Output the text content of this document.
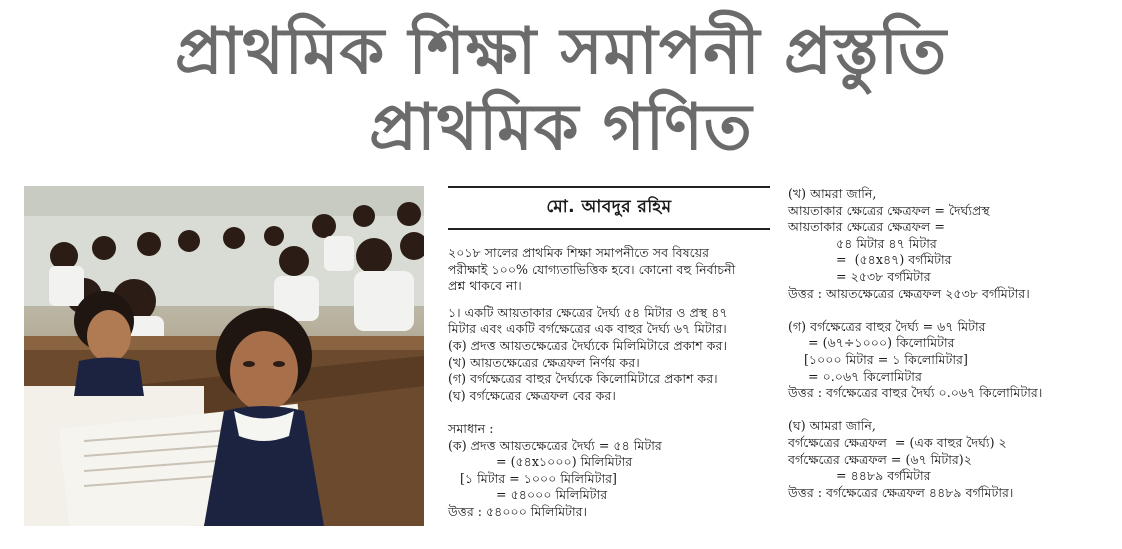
প্রাথমিক শিক্ষা সমাপনী প্রস্তুতি
প্রাথমিক গণিত
মো. আবদুর রহিম
২০১৮ সালের প্রাথমিক শিক্ষা সমাপনীতে সব বিষয়ের
পরীক্ষাই ১০০% যোগ্যতাভিত্তিক হবে। কোনো বহু নির্বাচনী
প্রশ্ন থাকবে না।
১। একটি আয়তাকার ক্ষেত্রের দৈর্ঘ্য ৫৪ মিটার ও প্রস্থ ৪৭
মিটার এবং একটি বর্গক্ষেত্রের এক বাহুর দৈর্ঘ্য ৬৭ মিটার।
(ক) প্রদত্ত আয়তক্ষেত্রের দৈর্ঘ্যকে মিলিমিটারে প্রকাশ কর।
(খ) আয়তক্ষেত্রের ক্ষেত্রফল নির্ণয় কর।
(গ) বর্গক্ষেত্রের বাহুর দৈর্ঘ্যকে কিলোমিটারে প্রকাশ কর।
(ঘ) বর্গক্ষেত্রের ক্ষেত্রফল বের কর।
সমাধান :
(ক) প্রদত্ত আয়তক্ষেত্রের দৈর্ঘ্য = ৫৪ মিটার
= (৫৪x১০০০) মিলিমিটার
[১ মিটার = ১০০০ মিলিমিটার]
= ৫৪০০০ মিলিমিটার
উত্তর : ৫৪০০০ মিলিমিটার।
(খ) আমরা জানি,
আয়তাকার ক্ষেত্রের ক্ষেত্রফল = দৈর্ঘ্যপ্রস্থ
আয়তাকার ক্ষেত্রের ক্ষেত্রফল =
৫৪ মিটার ৪৭ মিটার
=  (৫৪x৪৭) বর্গমিটার
= ২৫৩৮ বর্গমিটার
উত্তর : আয়তক্ষেত্রের ক্ষেত্রফল ২৫৩৮ বর্গমিটার।
(গ) বর্গক্ষেত্রের বাহুর দৈর্ঘ্য = ৬৭ মিটার
= (৬৭÷১০০০) কিলোমিটার
[১০০০ মিটার = ১ কিলোমিটার]
= ০.০৬৭ কিলোমিটার
উত্তর : বর্গক্ষেত্রের বাহুর দৈর্ঘ্য ০.০৬৭ কিলোমিটার।
(ঘ) আমরা জানি,
বর্গক্ষেত্রের ক্ষেত্রফল  = (এক বাহুর দৈর্ঘ্য) ২
বর্গক্ষেত্রের ক্ষেত্রফল = (৬৭ মিটার)২
= ৪৪৮৯ বর্গমিটার
উত্তর : বর্গক্ষেত্রের ক্ষেত্রফল ৪৪৮৯ বর্গমিটার।
